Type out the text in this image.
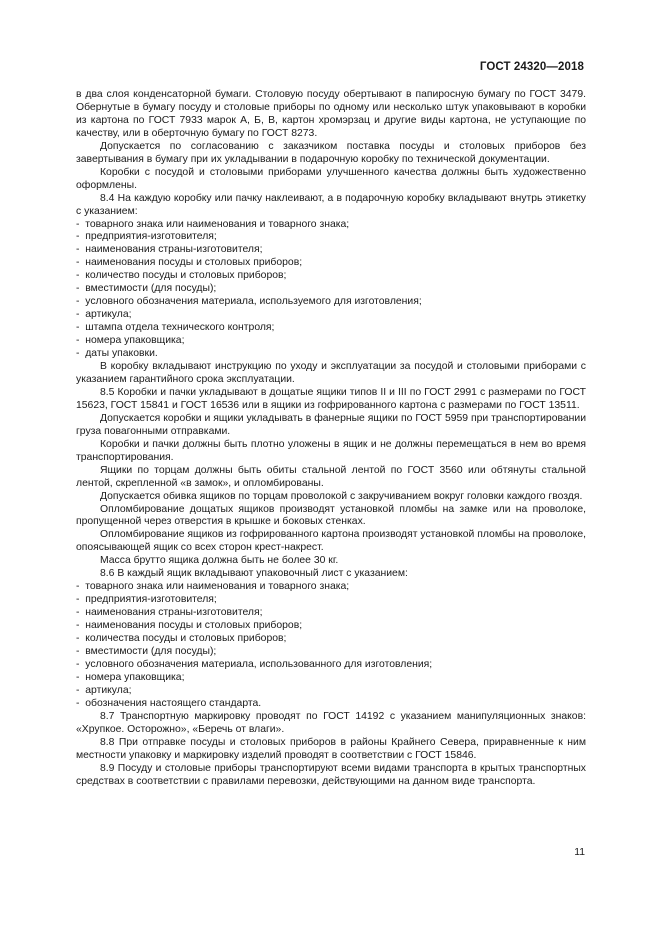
ГОСТ 24320—2018

в два слоя конденсаторной бумаги. Столовую посуду обертывают в папиросную бумагу по ГОСТ 3479. Обернутые в бумагу посуду и столовые приборы по одному или несколько штук упаковывают в коробки из картона по ГОСТ 7933 марок А, Б, В, картон хромэрзац и другие виды картона, не уступающие по качеству, или в оберточную бумагу по ГОСТ 8273.

Допускается по согласованию с заказчиком поставка посуды и столовых приборов без завертывания в бумагу при их укладывании в подарочную коробку по технической документации.

Коробки с посудой и столовыми приборами улучшенного качества должны быть художественно оформлены.

8.4 На каждую коробку или пачку наклеивают, а в подарочную коробку вкладывают внутрь этикетку с указанием:

-  товарного знака или наименования и товарного знака;
-  предприятия-изготовителя;
-  наименования страны-изготовителя;
-  наименования посуды и столовых приборов;
-  количество посуды и столовых приборов;
-  вместимости (для посуды);
-  условного обозначения материала, используемого для изготовления;
-  артикула;
-  штампа отдела технического контроля;
-  номера упаковщика;
-  даты упаковки.

В коробку вкладывают инструкцию по уходу и эксплуатации за посудой и столовыми приборами с указанием гарантийного срока эксплуатации.

8.5 Коробки и пачки укладывают в дощатые ящики типов II и III по ГОСТ 2991 с размерами по ГОСТ 15623, ГОСТ 15841 и ГОСТ 16536 или в ящики из гофрированного картона с размерами по ГОСТ 13511.

Допускается коробки и ящики укладывать в фанерные ящики по ГОСТ 5959 при транспортировании груза повагонными отправками.

Коробки и пачки должны быть плотно уложены в ящик и не должны перемещаться в нем во время транспортирования.

Ящики по торцам должны быть обиты стальной лентой по ГОСТ 3560 или обтянуты стальной лентой, скрепленной «в замок», и опломбированы.

Допускается обивка ящиков по торцам проволокой с закручиванием вокруг головки каждого гвоздя.

Опломбирование дощатых ящиков производят установкой пломбы на замке или на проволоке, пропущенной через отверстия в крышке и боковых стенках.

Опломбирование ящиков из гофрированного картона производят установкой пломбы на проволоке, опоясывающей ящик со всех сторон крест-накрест.

Масса брутто ящика должна быть не более 30 кг.

8.6 В каждый ящик вкладывают упаковочный лист с указанием:

-  товарного знака или наименования и товарного знака;
-  предприятия-изготовителя;
-  наименования страны-изготовителя;
-  наименования посуды и столовых приборов;
-  количества посуды и столовых приборов;
-  вместимости (для посуды);
-  условного обозначения материала, использованного для изготовления;
-  номера упаковщика;
-  артикула;
-  обозначения настоящего стандарта.

8.7 Транспортную маркировку проводят по ГОСТ 14192 с указанием манипуляционных знаков: «Хрупкое. Осторожно», «Беречь от влаги».

8.8 При отправке посуды и столовых приборов в районы Крайнего Севера, приравненные к ним местности упаковку и маркировку изделий проводят в соответствии с ГОСТ 15846.

8.9 Посуду и столовые приборы транспортируют всеми видами транспорта в крытых транспортных средствах в соответствии с правилами перевозки, действующими на данном виде транспорта.

11
